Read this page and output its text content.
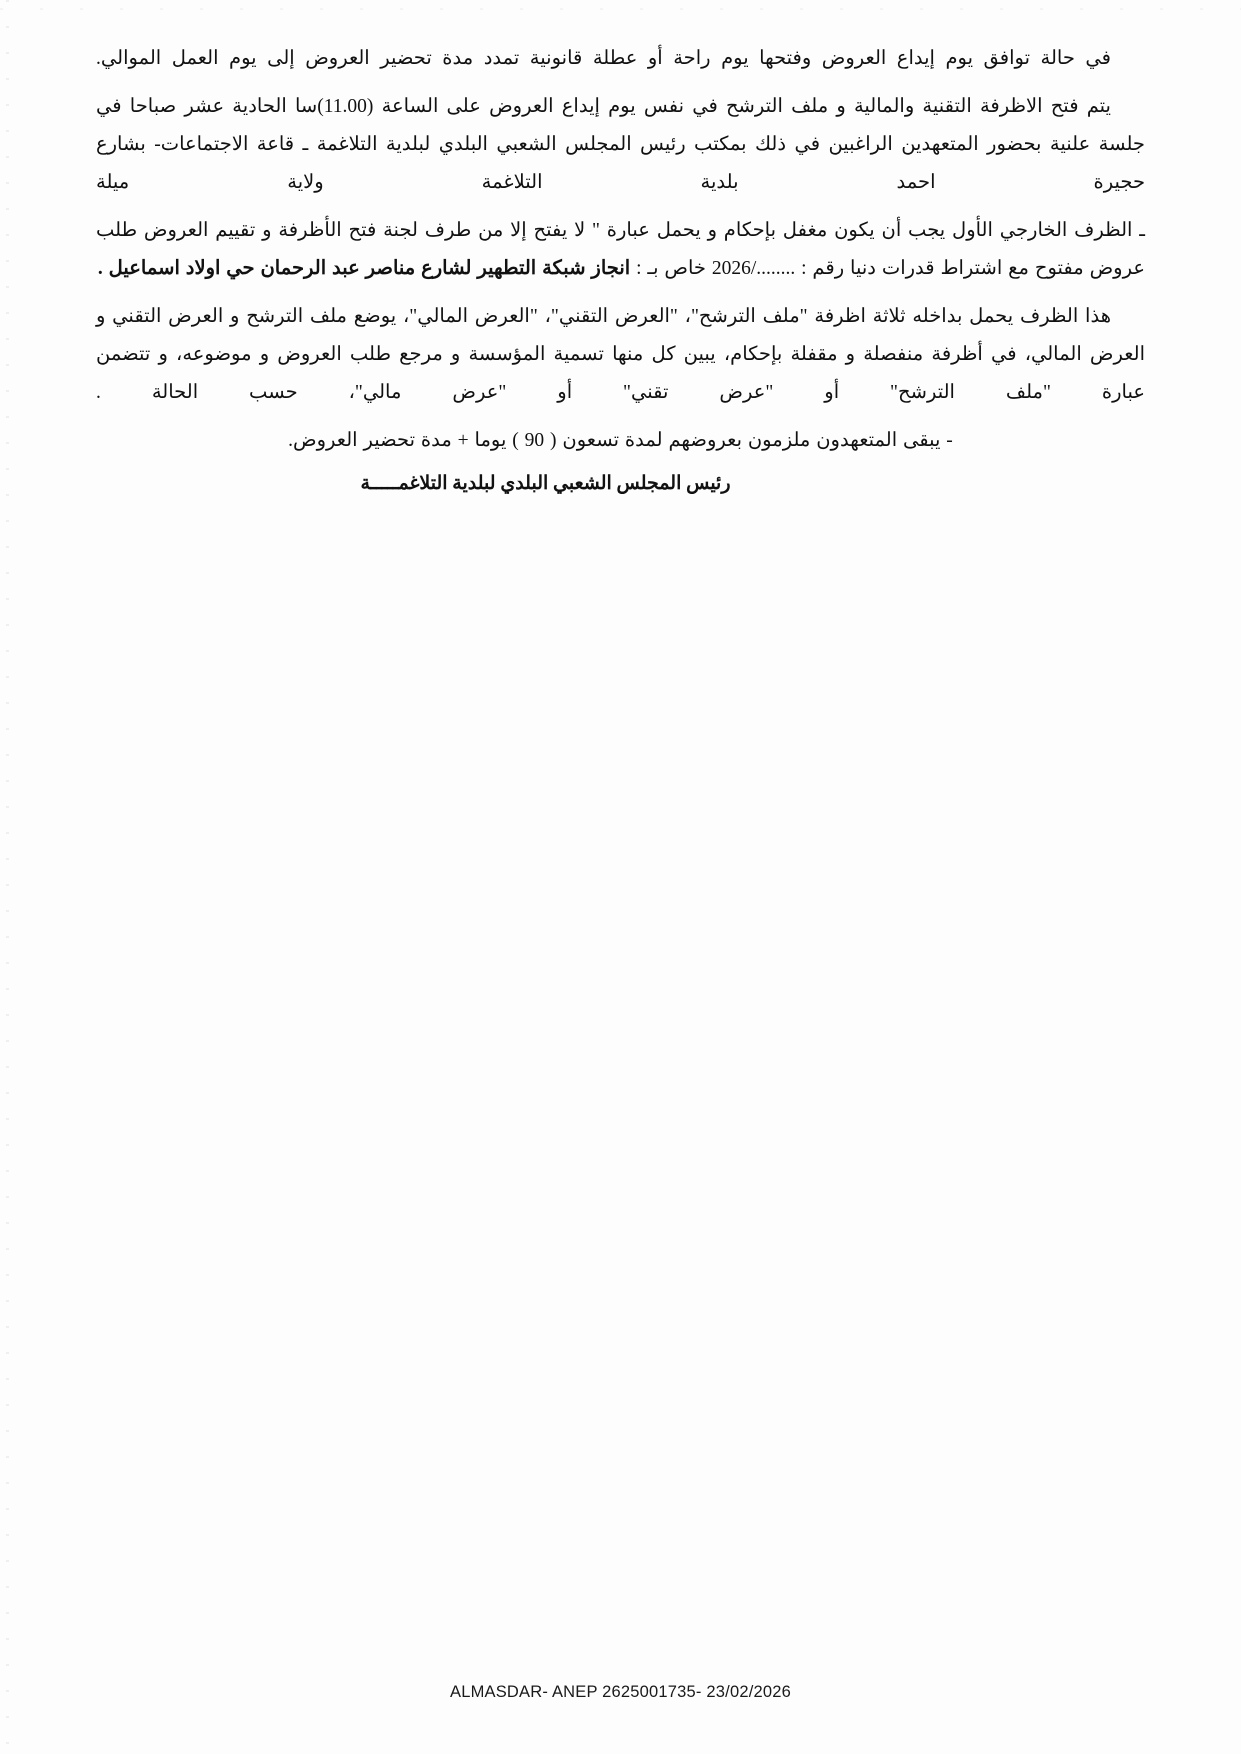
في حالة توافق يوم إيداع العروض وفتحها يوم راحة أو عطلة قانونية تمدد مدة تحضير العروض إلى يوم العمل الموالي.

يتم فتح الاظرفة التقنية والمالية و ملف الترشح في نفس يوم إيداع العروض على الساعة (11.00)سا الحادية عشر صباحا في جلسة علنية بحضور المتعهدين الراغبين في ذلك بمكتب رئيس المجلس الشعبي البلدي لبلدية التلاغمة ـ قاعة الاجتماعات- بشارع حجيرة احمد بلدية التلاغمة ولاية ميلة

ـ الظرف الخارجي الأول يجب أن يكون مغفل بإحكام و يحمل عبارة " لا يفتح إلا من طرف لجنة فتح الأظرفة و تقييم العروض طلب عروض مفتوح مع اشتراط قدرات دنيا رقم : ......../2026 خاص بـ : انجاز شبكة التطهير لشارع مناصر عبد الرحمان حي اولاد اسماعيل .

هذا الظرف يحمل بداخله ثلاثة اظرفة "ملف الترشح"، "العرض التقني"، "العرض المالي"، يوضع ملف الترشح و العرض التقني و العرض المالي، في أظرفة منفصلة و مقفلة بإحكام، يبين كل منها تسمية المؤسسة و مرجع طلب العروض و موضوعه، و تتضمن عبارة "ملف الترشح" أو "عرض تقني" أو "عرض مالي"، حسب الحالة .

- يبقى المتعهدون ملزمون بعروضهم لمدة تسعون ( 90 ) يوما + مدة تحضير العروض.

رئيس المجلس الشعبي البلدي لبلدية التلاغمـــــة
ALMASDAR- ANEP 2625001735- 23/02/2026
